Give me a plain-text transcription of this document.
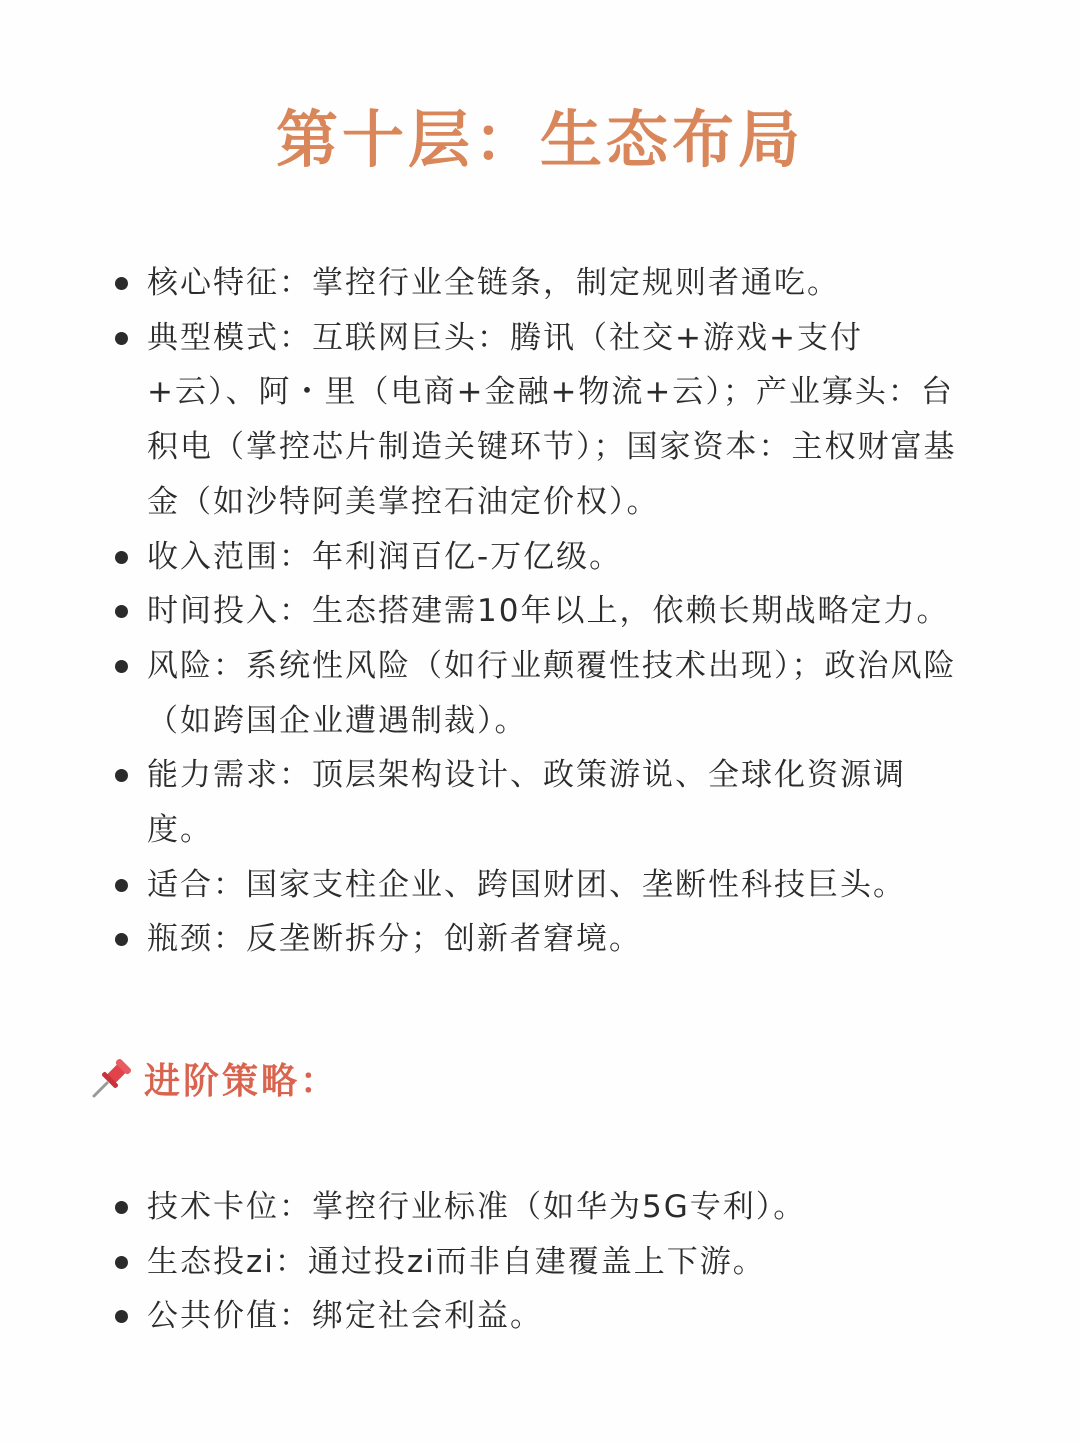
第十层：生态布局
核心特征：掌控行业全链条，制定规则者通吃。
典型模式：互联网巨头：腾讯（社交+游戏+支付+云）、阿・里（电商+金融+物流+云）；产业寡头：台积电（掌控芯片制造关键环节）；国家资本：主权财富基金（如沙特阿美掌控石油定价权）。
收入范围：年利润百亿-万亿级。
时间投入：生态搭建需10年以上，依赖长期战略定力。
风险：系统性风险（如行业颠覆性技术出现）；政治风险（如跨国企业遭遇制裁）。
能力需求：顶层架构设计、政策游说、全球化资源调度。
适合：国家支柱企业、跨国财团、垄断性科技巨头。
瓶颈：反垄断拆分；创新者窘境。
进阶策略：
技术卡位：掌控行业标准（如华为5G专利）。
生态投zi：通过投zi而非自建覆盖上下游。
公共价值：绑定社会利益。
